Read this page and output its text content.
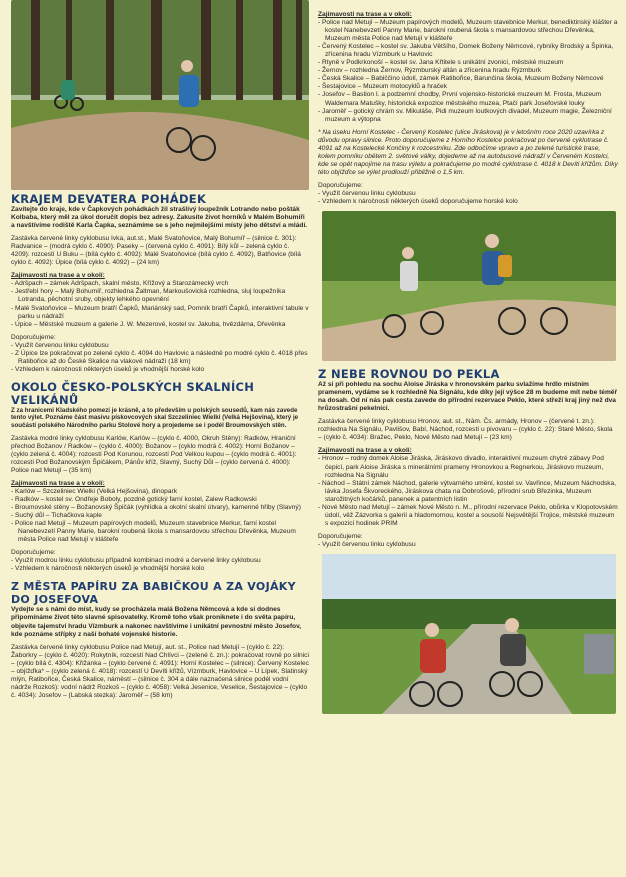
KRAJEM DEVATERA POHÁDEK

Zavítejte do kraje, kde v Čapkových pohádkách žil strašlivý loupežník Lotrando nebo pošták Kolbaba, který měl za úkol doručit dopis bez adresy. Zakusíte život horníků v Malém Bohumíři a navštívíme rodiště Karla Čapka, seznámíme se s jeho nejmilejšími místy jeho dětství a mládí.

Zastávka červené linky cyklobusu Ivka, aut.st., Malé Svatoňovice, Malý Bohumíř – (silnice č. 301): Radvanice – (modrá cyklo č. 4090): Paseky – (červená cyklo č. 4091): Bílý kůl – zelená cyklo č. 4209): rozcestí U Buku – (bílá cyklo č. 4092): Malé Svatoňovice (bílá cyklo č. 4092), Batňovice (bílá cyklo č. 4092): Úpice (bílá cyklo č. 4092) – (24 km)

Zajímavosti na trase a v okolí:

- Adršpach – zámek Adršpach, skalní město, Křížový a Starozámecký vrch
- Jestřebí hory – Malý Bohumíř, rozhledna Žaltman, Markoušovická rozhledna, sluj loupežníka Lotranda, pěchotní sruby, objekty lehkého opevnění
- Malé Svatoňovice – Muzeum bratří Čapků, Mariánský sad, Pomník bratří Čapků, interaktivní tabule v parku u nádraží
- Úpice – Městské muzeum a galerie J. W. Mezerové, kostel sv. Jakuba, hvězdárna, Dřevěnka

Doporučujeme:

- Využít červenou linku cyklobusu
- Z Úpice lze pokračovat po zelené cyklo č. 4094 do Havlovic a následně po modré cyklo č. 4018 přes Ratibořice až do České Skalice na vlakové nádraží (18 km)
- Vzhledem k náročnosti některých úseků je vhodnější horské kolo
OKOLO ČESKO-POLSKÝCH SKALNÍCH VELIKÁNŮ

Z za hranicemi Kladského pomezí je krásně, a to především u polských sousedů, kam nás zavede tento výlet. Poznáme část masivu pískovcových skal Szczeliniec Wielki (Velká Hejšovina), který je součástí polského Národního parku Stolové hory a projedeme se i podél Broumovských stěn.

Zastávka modré linky cyklobusu Karlów, Karlów – (cyklo č. 4000, Okruh Stěny): Radków, Hraniční přechod Božanov / Radków – (cyklo č. 4000): Božanov – (cyklo modrá č. 4002): Horní Božanov – (cyklo zelená č. 4004): rozcestí Pod Korunou, rozcestí Pod Velkou kupou – (cyklo modrá č. 4001): rozcestí Pod Božanovským Špičákem, Pánův kříž, Slavný, Suchý Důl – (cyklo červená č. 4000): Police nad Metují – (35 km)

Zajímavosti na trase a v okolí:

- Karlów – Szczeliniec Wielki (Velká Hejšovina), dinopark
- Radków – kostel sv. Ondřeje Boboly, pozdně gotický farní kostel, Zalew Radkowski
- Broumovské stěny – Božanovský Špičák (vyhlídka a okolní skalní útvary), kamenné hřiby (Slavný)
- Suchý důl – Tichačkova kaple
- Police nad Metují – Muzeum papírových modelů, Muzeum stavebnice Merkur, farní kostel Nanebevzetí Panny Marie, barokní roubená škola s mansardovou střechou Dřevěnka, Muzeum města Police nad Metují v klášteře

Doporučujeme:

- Využít modrou linku cyklobusu případně kombinaci modré a červené linky cyklobusu
- Vzhledem k náročnosti některých úseků je vhodnější horské kolo
Z MĚSTA PAPÍRU ZA BABIČKOU A ZA VOJÁKY DO JOSEFOVA

Vydejte se s námi do míst, kudy se procházela malá Božena Němcová a kde si dodnes připomínáme život této slavné spisovatelky. Kromě toho však proniknete i do světa papíru, objevíte tajemství hradu Vízmburk a nakonec navštívíme i unikátní pevnostní město Josefov, kde poznáme střípky z naší bohaté vojenské historie.

Zastávka červené linky cyklobusu Police nad Metují, aut. st., Police nad Metují – (cyklo č. 22): Žaborkry – (cyklo č. 4020): Rokytník, rozcestí Nad Chlívci – (zelené č. zn.): pokračovat rovně po silnici – (cyklo bílá č. 4304): Křižanka – (cyklo červené č. 4091): Horní Kostelec – (silnice): Červený Kostelec – objížďka* – (cyklo zelená č. 4018): rozcestí U Devíti křížů, Vízmburk, Havlovice – U Lípek, Slatinský mlýn, Ratibořice, Česká Skalice, náměstí – (silnice č. 304 a dále naznačená silnice podél vodní nádrže Rozkoš): vodní nádrž Rozkoš – (cyklo č. 4058): Velká Jesenice, Veselice, Šestajovice – (cyklo č. 4034): Josefov – (Labská stezka): Jaroměř – (58 km)

Zajímavosti na trase a v okolí:

- Police nad Metují – Muzeum papírových modelů, Muzeum stavebnice Merkur, benediktinský klášter a kostel Nanebevzetí Panny Marie, barokní roubená škola s mansardovou střechou Dřevěnka, Muzeum města Police nad Metují v klášteře
- Červený Kostelec – kostel sv. Jakuba Většího, Domek Boženy Němcové, rybníky Brodský a Špinka, zřícenina hradu Vízmburk u Havlovic
- Rtyně v Podkrkonoší – kostel sv. Jana Křtitele s unikátní zvonicí, městské muzeum
- Žernov – rozhledna Žernov, Rýzmburský altán a zřícenina hradu Rýzmburk
- Česká Skalice – Babiččino údolí, zámek Ratibořice, Barunčina škola, Muzeum Boženy Němcové
- Šestajovice – Muzeum motocyklů a hraček
- Josefov – Bastion I. a podzemní chodby, První vojensko-historické muzeum M. Frosta, Muzeum Waldemara Matušky, historická expozice městského muzea, Ptačí park Josefovské louky
- Jaroměř – gotický chrám sv. Mikuláše, Pidi muzeum loutkových divadel, Muzeum magie, Železniční muzeum a výtopna

* Na úseku Horní Kostelec - Červený Kostelec (ulice Jiráskova) je v letošním roce 2020 uzavírka z důvodu opravy silnice. Proto doporučujeme z Horního Kostelce pokračovat po červené cyklotrase č. 4091 až na Kostelecké Končiny k rozcestníku. Zde odbočíme vpravo a po zelené turistické trase, kolem pomníku obětem 2. světové války, dojedeme až na autobusové nádraží v Červeném Kostelci, kde se opět napojíme na trasu výletu a pokračujeme po modré cyklotrase č. 4018 k Devíti křížům. Díky této objížďce se výlet prodlouží přibližně o 1,5 km.

Doporučujeme:

- Využít červenou linku cyklobusu
- Vzhledem k náročnosti některých úseků doporučujeme horské kolo
Z NEBE ROVNOU DO PEKLA

Až si při pohledu na sochu Aloise Jiráska v hronovském parku svlažíme hrdlo místním pramenem, vydáme se k rozhledně Na Signálu, kde díky její výšce 28 m budeme mít nebe téměř na dosah. Od ní nás pak cesta zavede do přírodní rezervace Peklo, které střeží kraj jiný než dva hrůzostrašní pekelníci.

Zastávka červené linky cyklobusu Hronov, aut. st., Nám. Čs. armády, Hronov – (červené t. zn.): rozhledna Na Signálu, Pavlišov, Babí, Náchod, rozcestí u pivovaru – (cyklo č. 22): Staré Město, škola – (cyklo č. 4034): Bražec, Peklo, Nové Město nad Metují – (23 km)

Zajímavosti na trase a v okolí:

- Hronov – rodný domek Aloise Jiráska, Jiráskovo divadlo, interaktivní muzeum chytré zábavy Pod čepicí, park Aloise Jiráska s minerálními prameny Hronovkou a Regnerkou, Jiráskovo muzeum, rozhledna Na Signálu
- Náchod – Státní zámek Náchod, galerie výtvarného umění, kostel sv. Vavřince, Muzeum Náchodska, lávka Josefa Škvoreckého, Jiráskova chata na Dobrošově, přírodní srub Březinka, Muzeum starožitných kočárků, panenek a patentních listin
- Nové Město nad Metují – zámek Nové Město n. M., přírodní rezervace Peklo, obůrka v Klopotovském údolí, věž Zázvorka s galerií a hladomornou, kostel a sousoší Nejsvětější Trojice, městské muzeum s expozicí hodinek PRIM

Doporučujeme:

- Využít červenou linku cyklobusu
